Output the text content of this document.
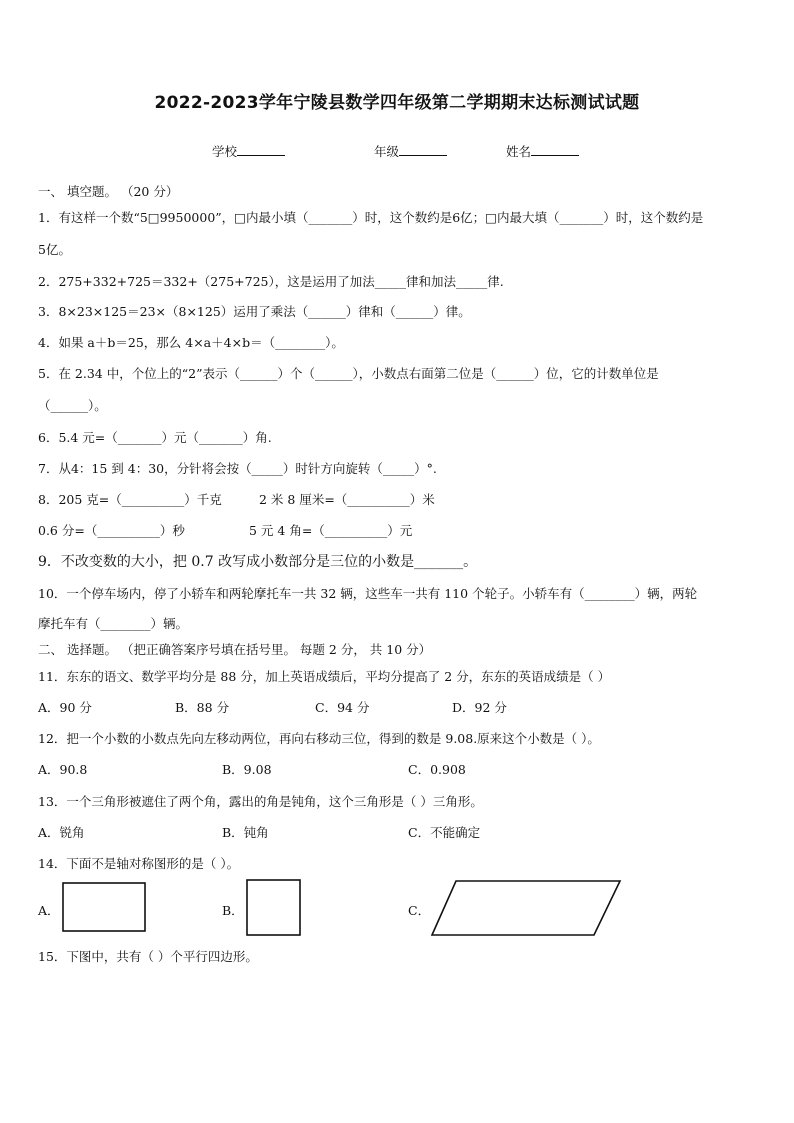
2022-2023学年宁陵县数学四年级第二学期期末达标测试试题
学校	年级	姓名
一、 填空题。 （20 分）
1．有这样一个数“5□9950000”，□内最小填（_______）时，这个数约是6亿；□内最大填（_______）时，这个数约是
5亿。
2．275+332+725＝332+（275+725），这是运用了加法_____律和加法_____律.
3．8×23×125＝23×（8×125）运用了乘法（______）律和（______）律。
4．如果 a＋b＝25，那么 4×a＋4×b＝（________）。
5．在 2.34 中，个位上的“2”表示（______）个（______），小数点右面第二位是（______）位，它的计数单位是
（______）。
6．5.4 元=（_______）元（_______）角.
7．从4：15 到 4：30，分针将会按（_____）时针方向旋转（_____）°.
8．205 克=（__________）千克	2 米 8 厘米=（__________）米
0.6 分=（__________）秒	5 元 4 角=（__________）元
9．不改变数的大小，把 0.7 改写成小数部分是三位的小数是_______。
10．一个停车场内，停了小轿车和两轮摩托车一共 32 辆，这些车一共有 110 个轮子。小轿车有（________）辆，两轮
摩托车有（________）辆。
二、 选择题。 （把正确答案序号填在括号里。 每题 2 分， 共 10 分）
11．东东的语文、数学平均分是 88 分，加上英语成绩后，平均分提高了 2 分，东东的英语成绩是（ ）
A．90 分	B．88 分	C．94 分	D．92 分
12．把一个小数的小数点先向左移动两位，再向右移动三位，得到的数是 9.08.原来这个小数是（ ）。
A．90.8	B．9.08	C．0.908
13．一个三角形被遮住了两个角，露出的角是钝角，这个三角形是（ ）三角形。
A．锐角	B．钝角	C．不能确定
14．下面不是轴对称图形的是（ ）。
A．	B．	C．
15．下图中，共有（ ）个平行四边形。
